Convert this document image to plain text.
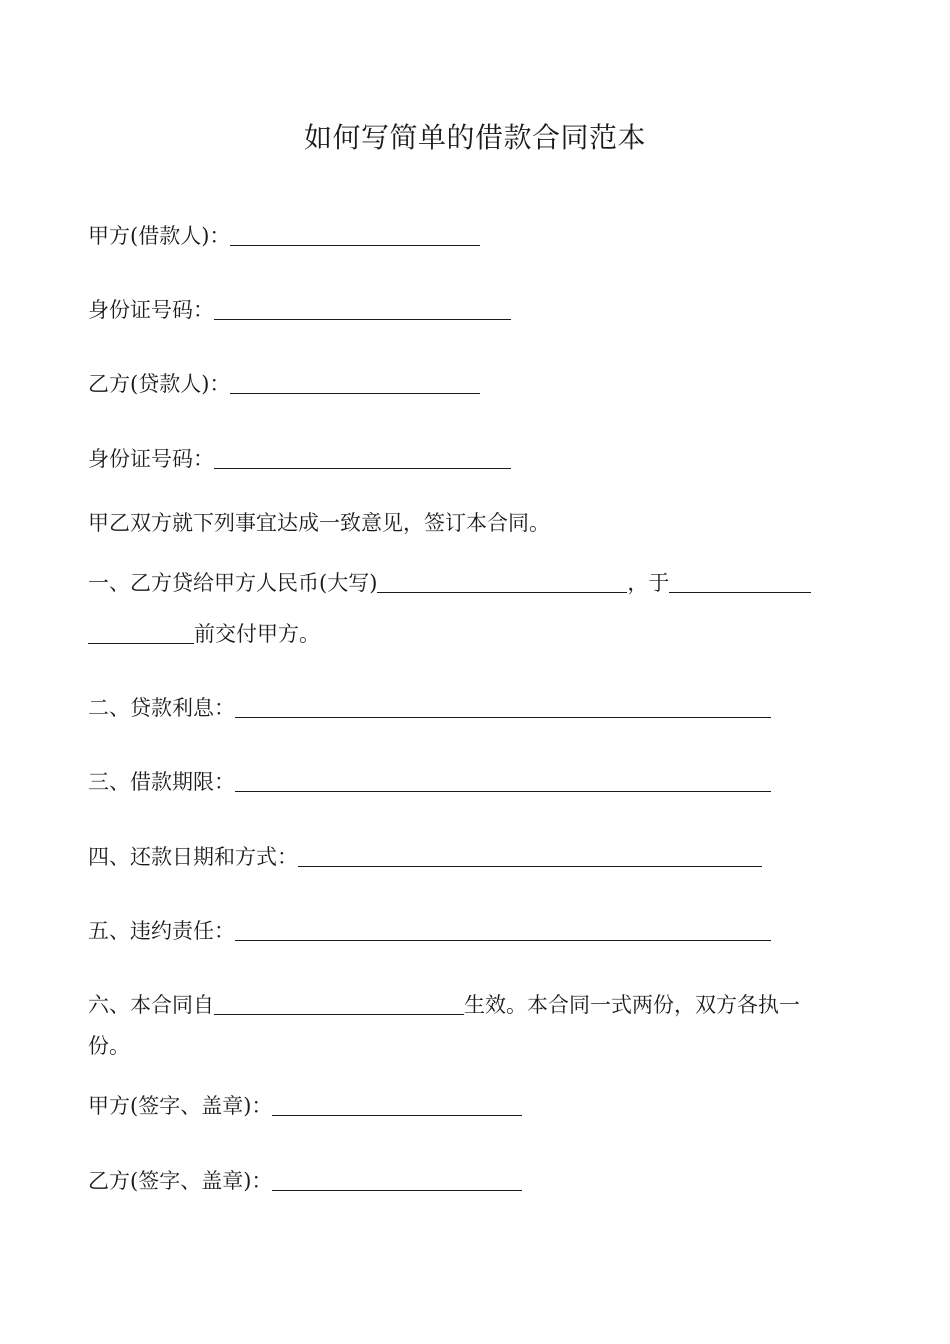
如何写简单的借款合同范本
甲方(借款人)：
身份证号码：
乙方(贷款人)：
身份证号码：
甲乙双方就下列事宜达成一致意见，签订本合同。
一、乙方贷给甲方人民币(大写)	，于
前交付甲方。
二、贷款利息：
三、借款期限：
四、还款日期和方式：
五、违约责任：
六、本合同自	生效。本合同一式两份，双方各执一
份。
甲方(签字、盖章)：
乙方(签字、盖章)：
